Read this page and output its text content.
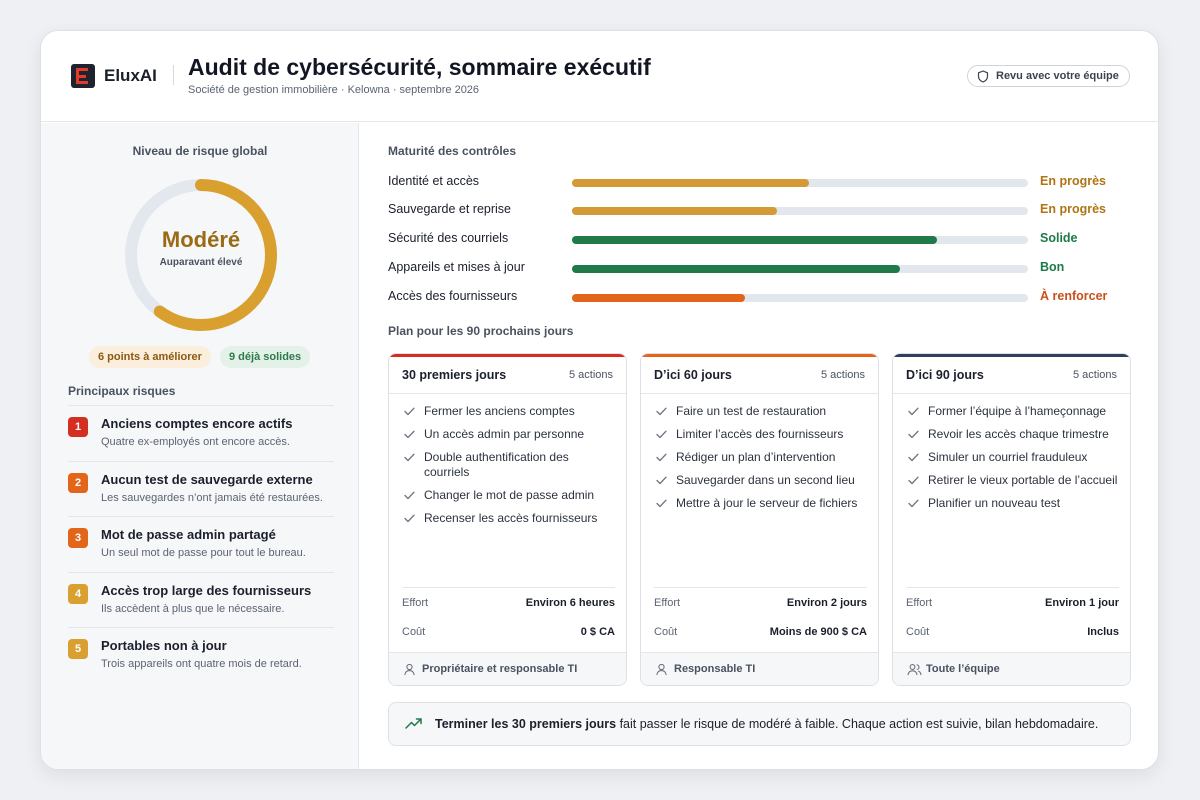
EluxAI Audit de cybersécurité, sommaire exécutif
Société de gestion immobilière · Kelowna · septembre 2026
Revu avec votre équipe
Niveau de risque global
Modéré
Auparavant élevé
6 points à améliorer	9 déjà solides
Principaux risques
1	Anciens comptes encore actifs
Quatre ex-employés ont encore accès.
2	Aucun test de sauvegarde externe
Les sauvegardes n’ont jamais été restaurées.
3	Mot de passe admin partagé
Un seul mot de passe pour tout le bureau.
4	Accès trop large des fournisseurs
Ils accèdent à plus que le nécessaire.
5	Portables non à jour
Trois appareils ont quatre mois de retard.
Maturité des contrôles
Identité et accès	En progrès
Sauvegarde et reprise	En progrès
Sécurité des courriels	Solide
Appareils et mises à jour	Bon
Accès des fournisseurs	À renforcer
Plan pour les 90 prochains jours
30 premiers jours	5 actions
Fermer les anciens comptes
Un accès admin par personne
Double authentification des courriels
Changer le mot de passe admin
Recenser les accès fournisseurs
Effort	Environ 6 heures
Coût	0 $ CA
Propriétaire et responsable TI
D’ici 60 jours	5 actions
Faire un test de restauration
Limiter l’accès des fournisseurs
Rédiger un plan d’intervention
Sauvegarder dans un second lieu
Mettre à jour le serveur de fichiers
Effort	Environ 2 jours
Coût	Moins de 900 $ CA
Responsable TI
D’ici 90 jours	5 actions
Former l’équipe à l’hameçonnage
Revoir les accès chaque trimestre
Simuler un courriel frauduleux
Retirer le vieux portable de l’accueil
Planifier un nouveau test
Effort	Environ 1 jour
Coût	Inclus
Toute l’équipe
Terminer les 30 premiers jours fait passer le risque de modéré à faible. Chaque action est suivie, bilan hebdomadaire.
